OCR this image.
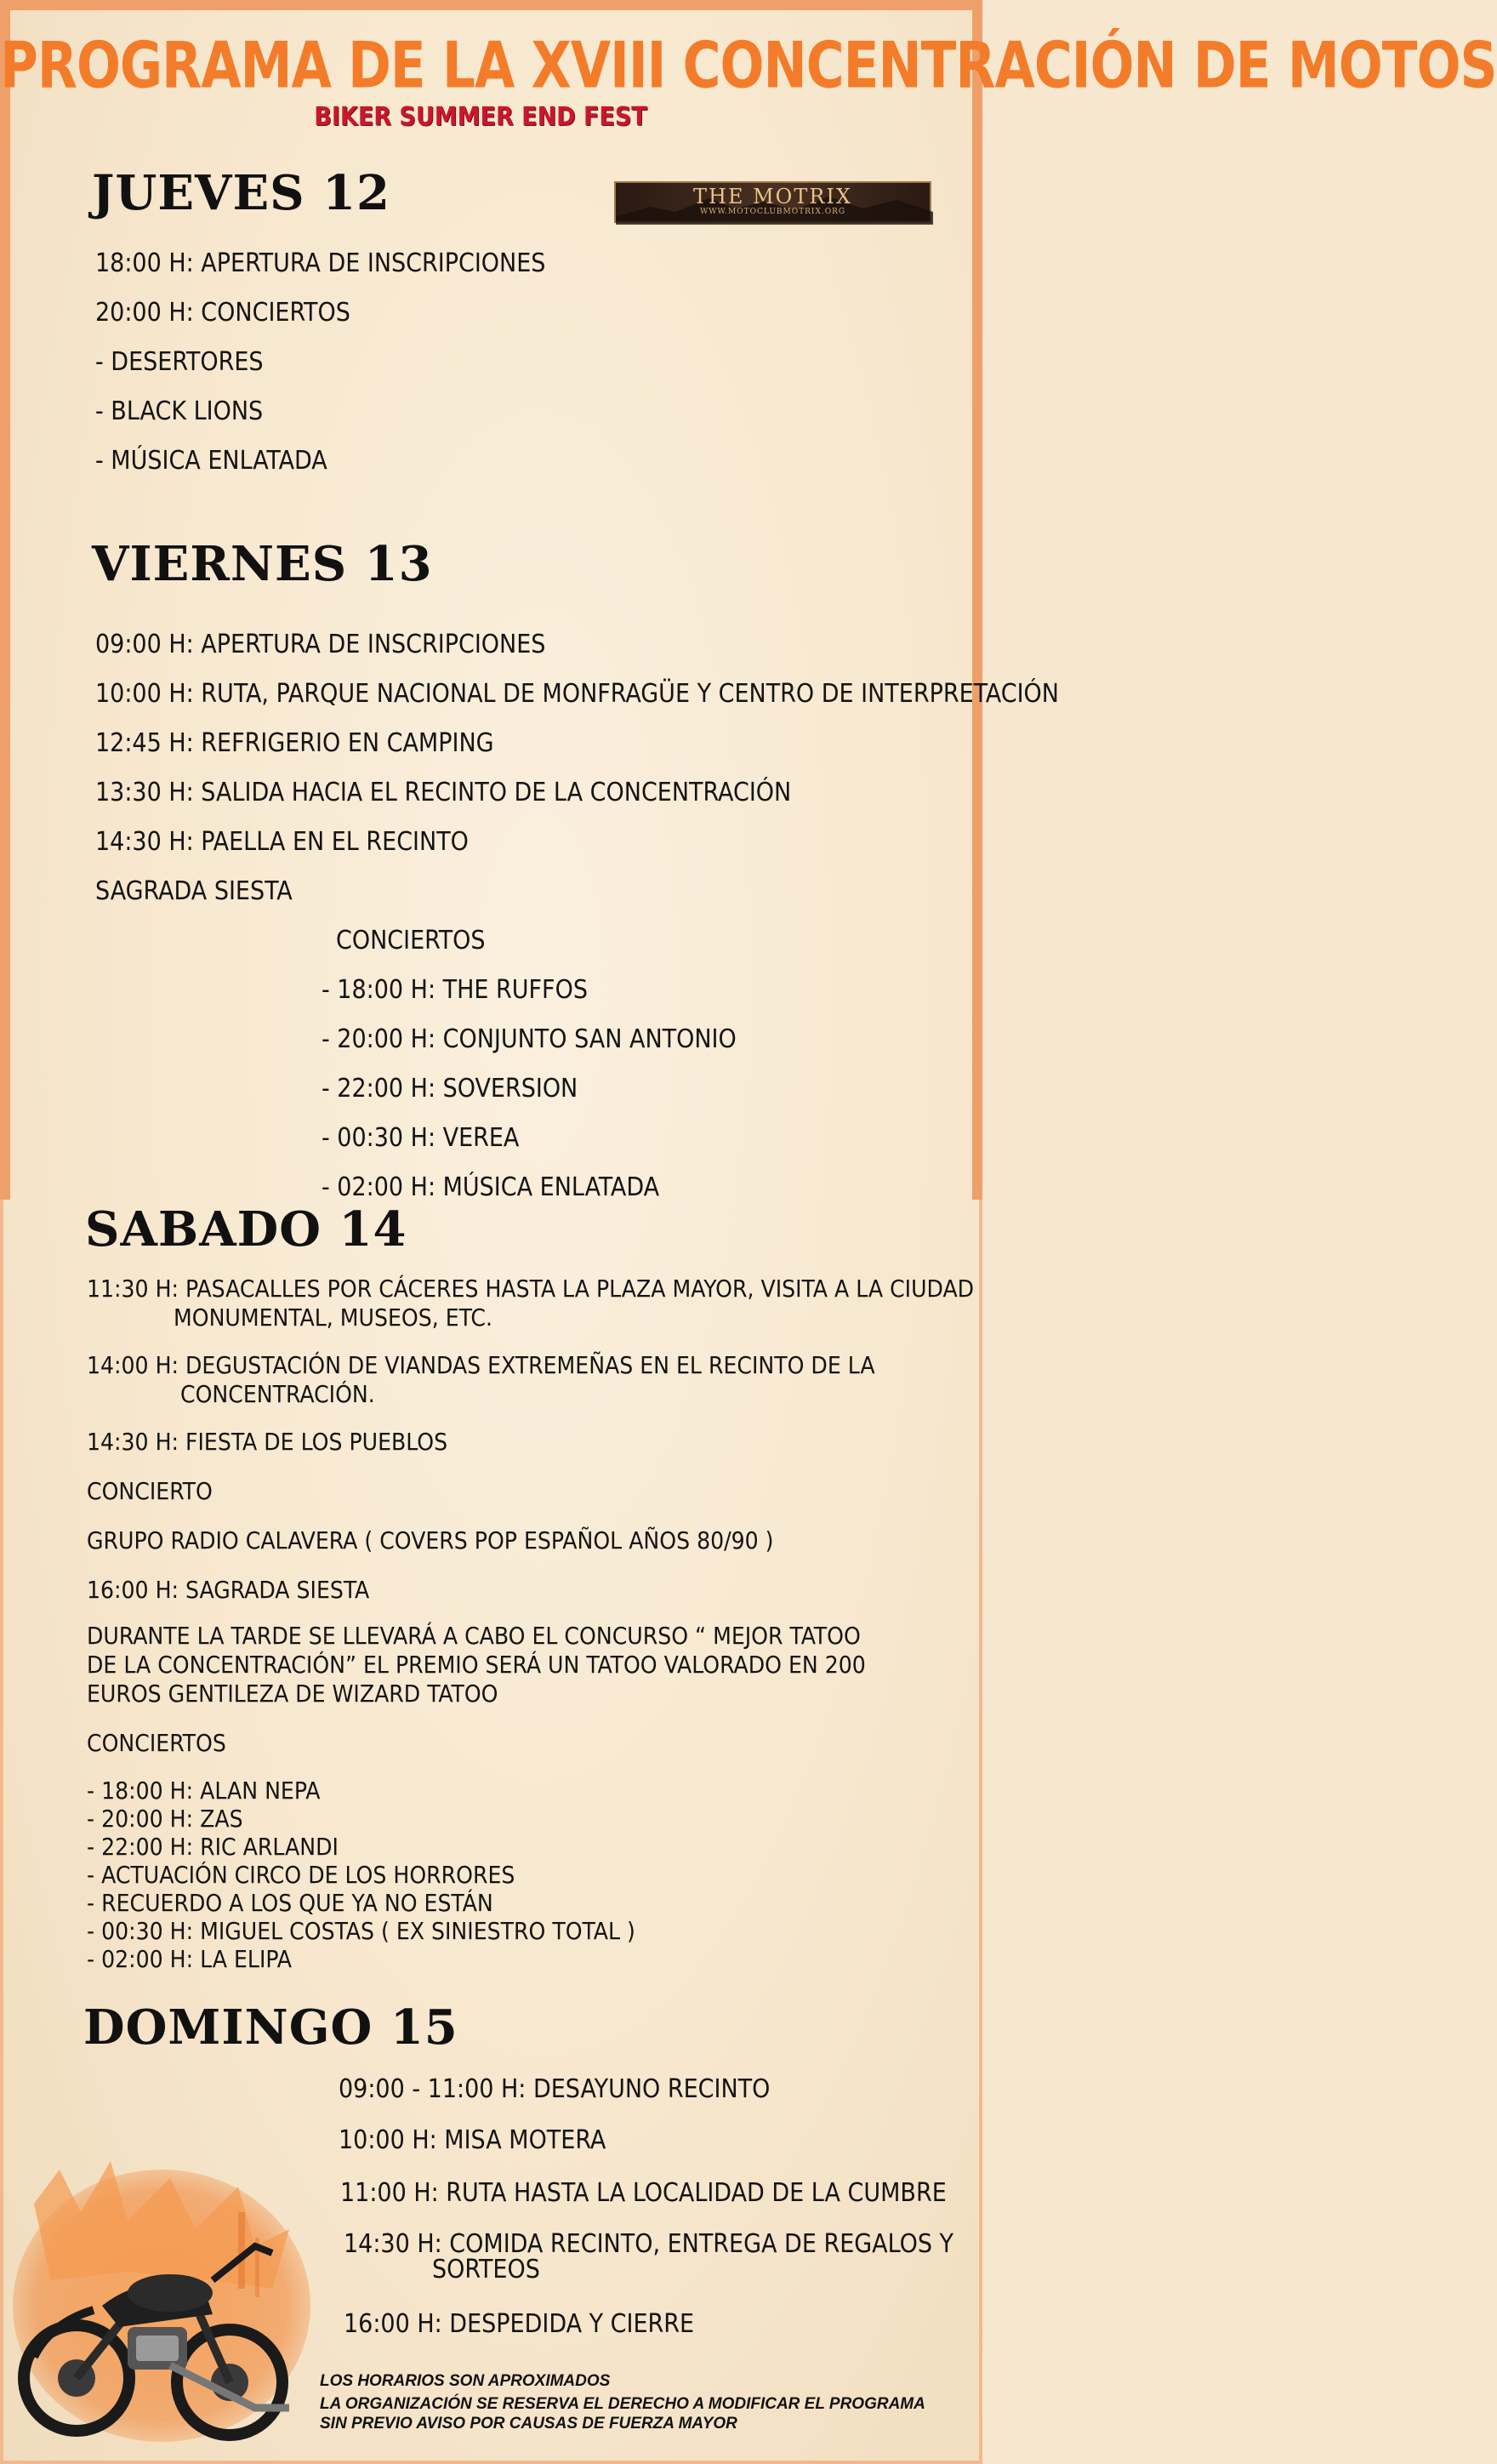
PROGRAMA DE LA XVIII CONCENTRACIÓN DE MOTOS
BIKER SUMMER END FEST
THE MOTRIX
WWW.MOTOCLUBMOTRIX.ORG
JUEVES 12
18:00 H: APERTURA DE INSCRIPCIONES
20:00 H: CONCIERTOS
- DESERTORES
- BLACK LIONS
- MÚSICA ENLATADA
VIERNES 13
09:00 H: APERTURA DE INSCRIPCIONES
10:00 H: RUTA, PARQUE NACIONAL DE MONFRAGÜE Y CENTRO DE INTERPRETACIÓN
12:45 H: REFRIGERIO EN CAMPING
13:30 H: SALIDA HACIA EL RECINTO DE LA CONCENTRACIÓN
14:30 H: PAELLA EN EL RECINTO
SAGRADA SIESTA
CONCIERTOS
- 18:00 H: THE RUFFOS
- 20:00 H: CONJUNTO SAN ANTONIO
- 22:00 H: SOVERSION
- 00:30 H: VEREA
- 02:00 H: MÚSICA ENLATADA
SABADO 14
11:30 H: PASACALLES POR CÁCERES HASTA LA PLAZA MAYOR, VISITA A LA CIUDAD
MONUMENTAL, MUSEOS, ETC.
14:00 H: DEGUSTACIÓN DE VIANDAS EXTREMEÑAS EN EL RECINTO DE LA
CONCENTRACIÓN.
14:30 H: FIESTA DE LOS PUEBLOS
CONCIERTO
GRUPO RADIO CALAVERA ( COVERS POP ESPAÑOL AÑOS 80/90 )
16:00 H: SAGRADA SIESTA
DURANTE LA TARDE SE LLEVARÁ A CABO EL CONCURSO “ MEJOR TATOO DE LA CONCENTRACIÓN” EL PREMIO SERÁ UN TATOO VALORADO EN 200 EUROS GENTILEZA DE WIZARD TATOO
CONCIERTOS
- 18:00 H: ALAN NEPA
- 20:00 H: ZAS
- 22:00 H: RIC ARLANDI
- ACTUACIÓN CIRCO DE LOS HORRORES
- RECUERDO A LOS QUE YA NO ESTÁN
- 00:30 H: MIGUEL COSTAS ( EX SINIESTRO TOTAL )
- 02:00 H: LA ELIPA
DOMINGO 15
09:00 - 11:00 H: DESAYUNO RECINTO
10:00 H: MISA MOTERA
11:00 H: RUTA HASTA LA LOCALIDAD DE LA CUMBRE
14:30 H: COMIDA RECINTO, ENTREGA DE REGALOS Y
SORTEOS
16:00 H: DESPEDIDA Y CIERRE
LOS HORARIOS SON APROXIMADOS
LA ORGANIZACIÓN SE RESERVA EL DERECHO A MODIFICAR EL PROGRAMA
SIN PREVIO AVISO POR CAUSAS DE FUERZA MAYOR
